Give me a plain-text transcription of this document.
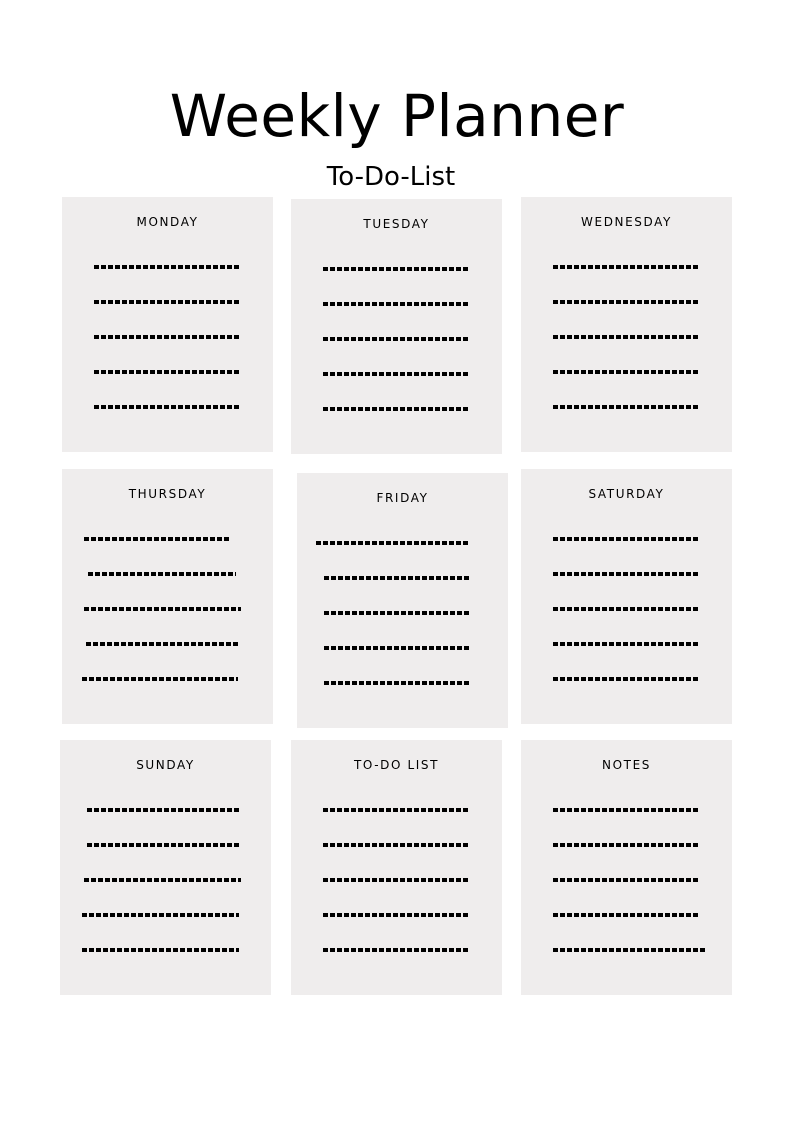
Weekly Planner
To-Do-List
MONDAY	TUESDAY	WEDNESDAY
THURSDAY	FRIDAY	SATURDAY
SUNDAY	TO-DO LIST	NOTES
